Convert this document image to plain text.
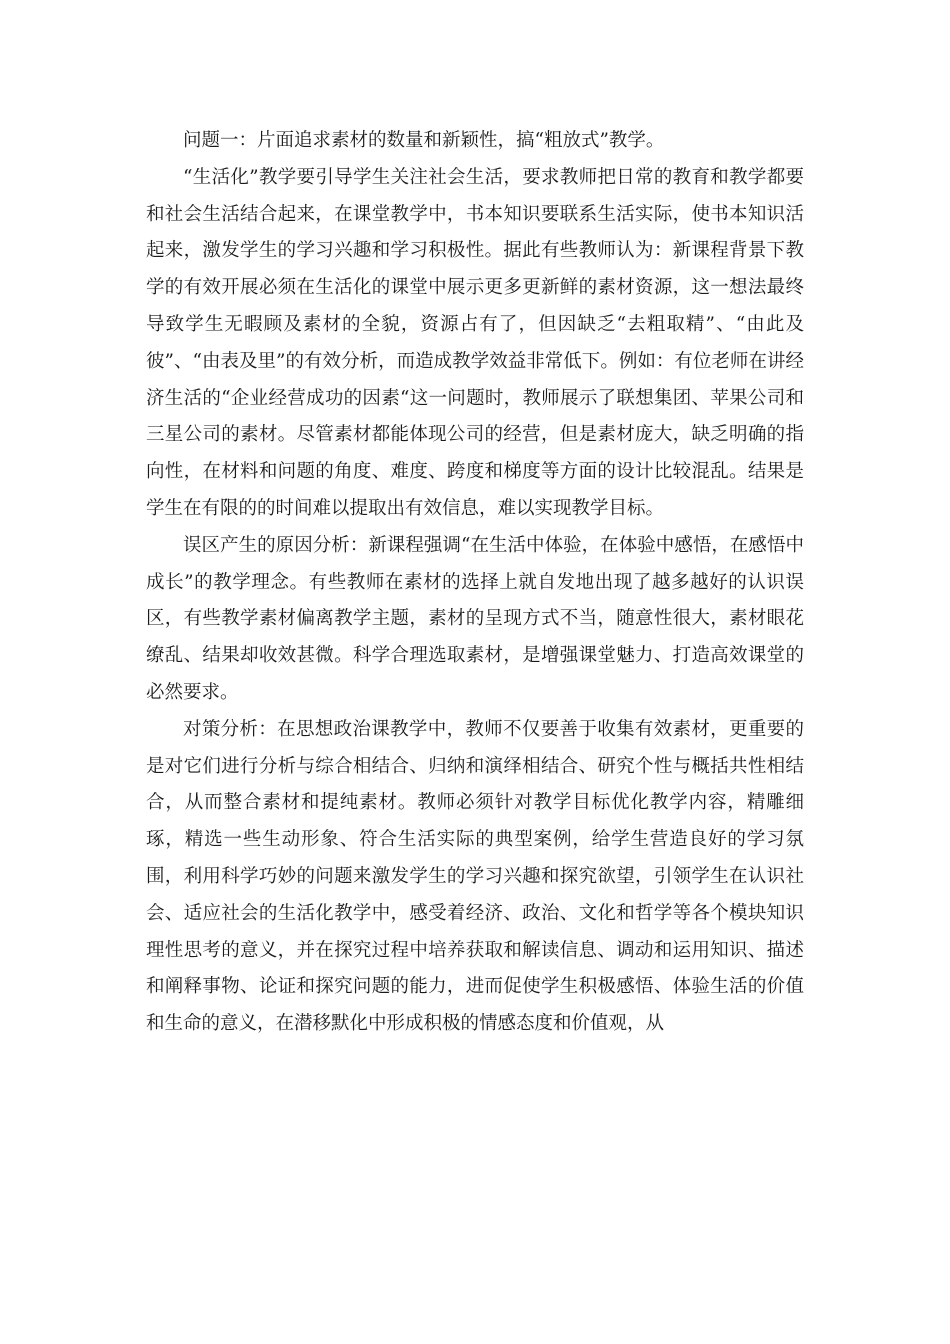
问题一：片面追求素材的数量和新颖性，搞“粗放式”教学。

“生活化”教学要引导学生关注社会生活，要求教师把日常的教育和教学都要和社会生活结合起来，在课堂教学中，书本知识要联系生活实际，使书本知识活起来，激发学生的学习兴趣和学习积极性。据此有些教师认为：新课程背景下教学的有效开展必须在生活化的课堂中展示更多更新鲜的素材资源，这一想法最终导致学生无暇顾及素材的全貌，资源占有了，但因缺乏“去粗取精”、“由此及彼”、“由表及里”的有效分析，而造成教学效益非常低下。例如：有位老师在讲经济生活的“企业经营成功的因素“这一问题时，教师展示了联想集团、苹果公司和三星公司的素材。尽管素材都能体现公司的经营，但是素材庞大，缺乏明确的指向性，在材料和问题的角度、难度、跨度和梯度等方面的设计比较混乱。结果是学生在有限的的时间难以提取出有效信息，难以实现教学目标。

误区产生的原因分析：新课程强调“在生活中体验，在体验中感悟，在感悟中成长”的教学理念。有些教师在素材的选择上就自发地出现了越多越好的认识误区，有些教学素材偏离教学主题，素材的呈现方式不当，随意性很大，素材眼花缭乱、结果却收效甚微。科学合理选取素材，是增强课堂魅力、打造高效课堂的必然要求。

对策分析：在思想政治课教学中，教师不仅要善于收集有效素材，更重要的是对它们进行分析与综合相结合、归纳和演绎相结合、研究个性与概括共性相结合，从而整合素材和提纯素材。教师必须针对教学目标优化教学内容，精雕细琢，精选一些生动形象、符合生活实际的典型案例，给学生营造良好的学习氛围，利用科学巧妙的问题来激发学生的学习兴趣和探究欲望，引领学生在认识社会、适应社会的生活化教学中，感受着经济、政治、文化和哲学等各个模块知识理性思考的意义，并在探究过程中培养获取和解读信息、调动和运用知识、描述和阐释事物、论证和探究问题的能力，进而促使学生积极感悟、体验生活的价值和生命的意义，在潜移默化中形成积极的情感态度和价值观，从
